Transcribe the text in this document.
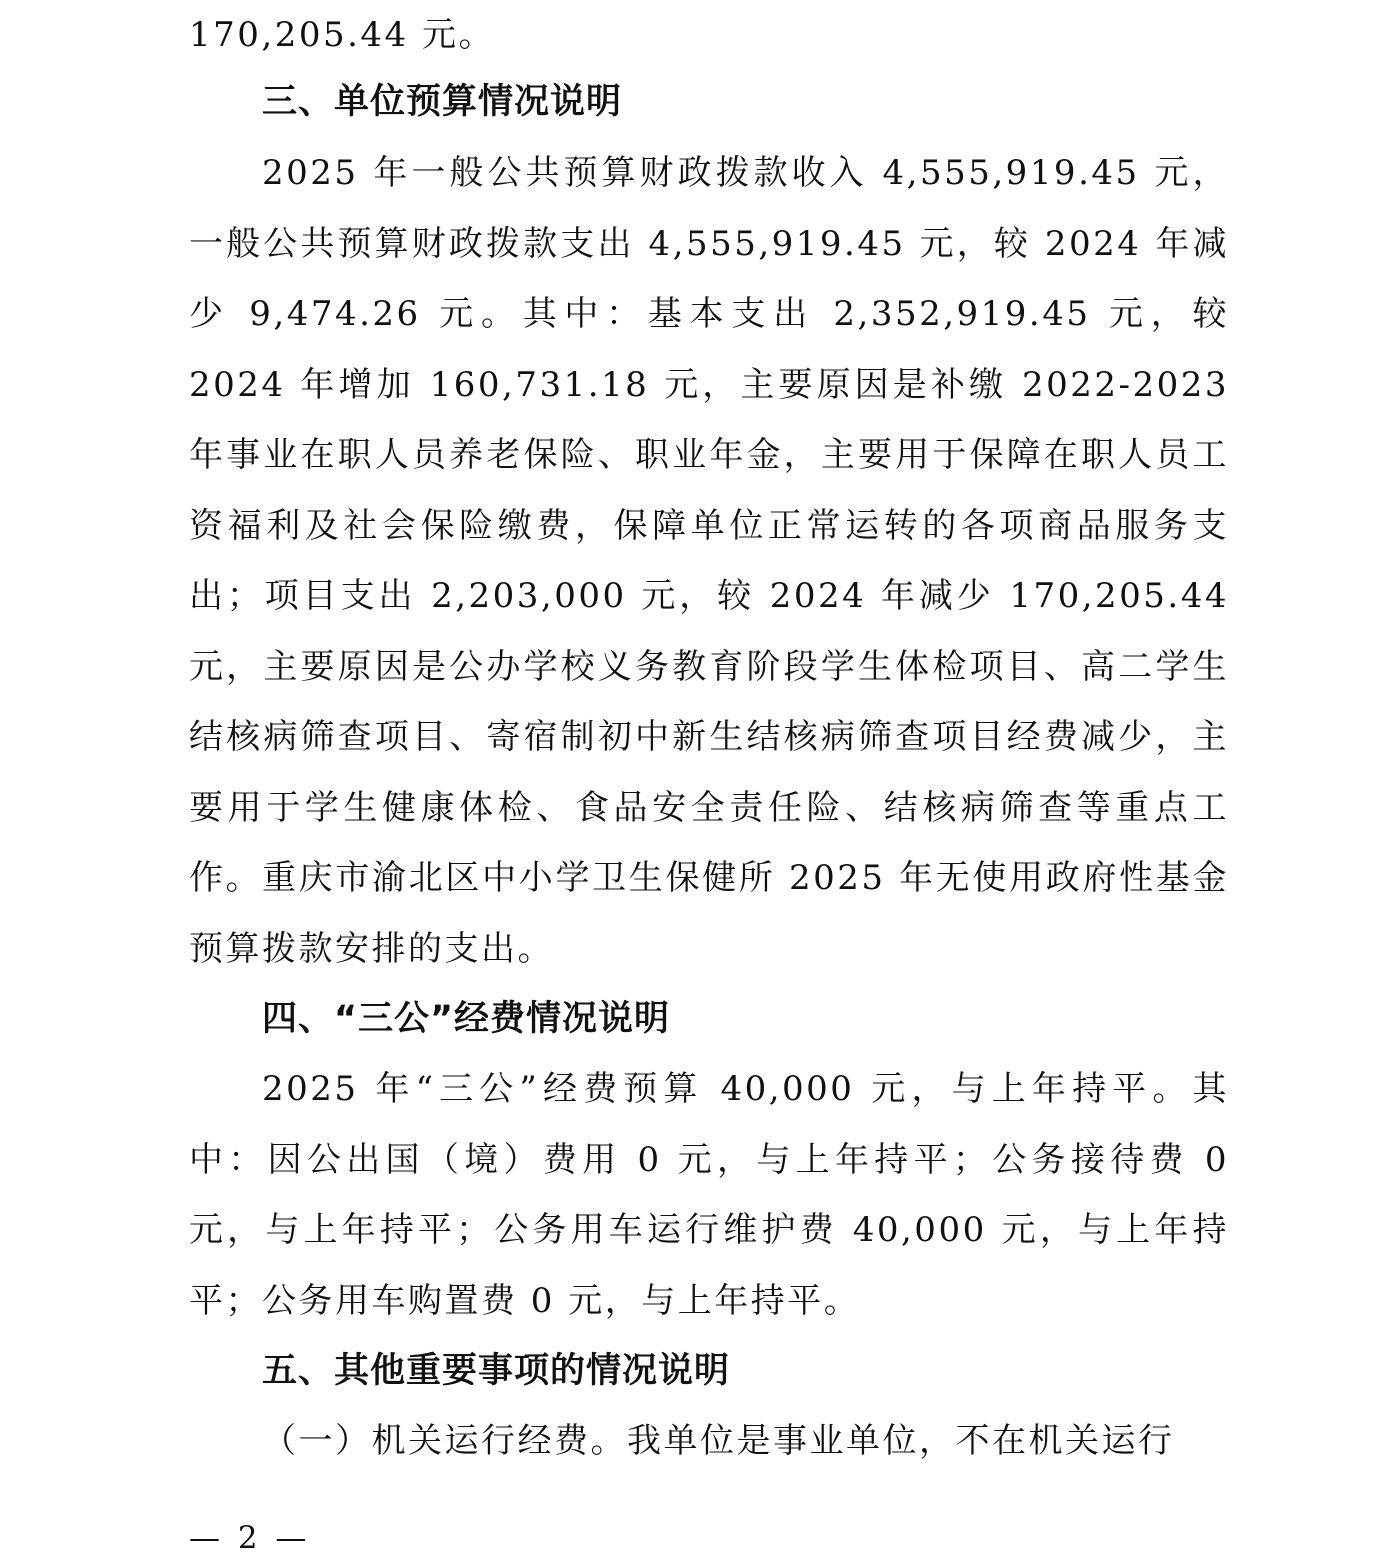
170,205.44 元。
三、单位预算情况说明
2025 年一般公共预算财政拨款收入 4,555,919.45 元，一般公共预算财政拨款支出 4,555,919.45 元，较 2024 年减少 9,474.26 元。其中：基本支出 2,352,919.45 元，较 2024 年增加 160,731.18 元，主要原因是补缴 2022-2023 年事业在职人员养老保险、职业年金，主要用于保障在职人员工资福利及社会保险缴费，保障单位正常运转的各项商品服务支出；项目支出 2,203,000 元，较 2024 年减少 170,205.44 元，主要原因是公办学校义务教育阶段学生体检项目、高二学生结核病筛查项目、寄宿制初中新生结核病筛查项目经费减少，主要用于学生健康体检、食品安全责任险、结核病筛查等重点工作。 重庆市渝北区中小学卫生保健所 2025 年无使用政府性基金预算拨款安排的支出。
四、“三公”经费情况说明
2025 年“三公”经费预算 40,000 元，与上年持平。其中：因公出国（境）费用 0 元，与上年持平；公务接待费 0 元，与上年持平；公务用车运行维护费 40,000 元，与上年持平；公务用车购置费 0 元，与上年持平。
五、其他重要事项的情况说明
（一）机关运行经费。我单位是事业单位，不在机关运行
— 2 —
